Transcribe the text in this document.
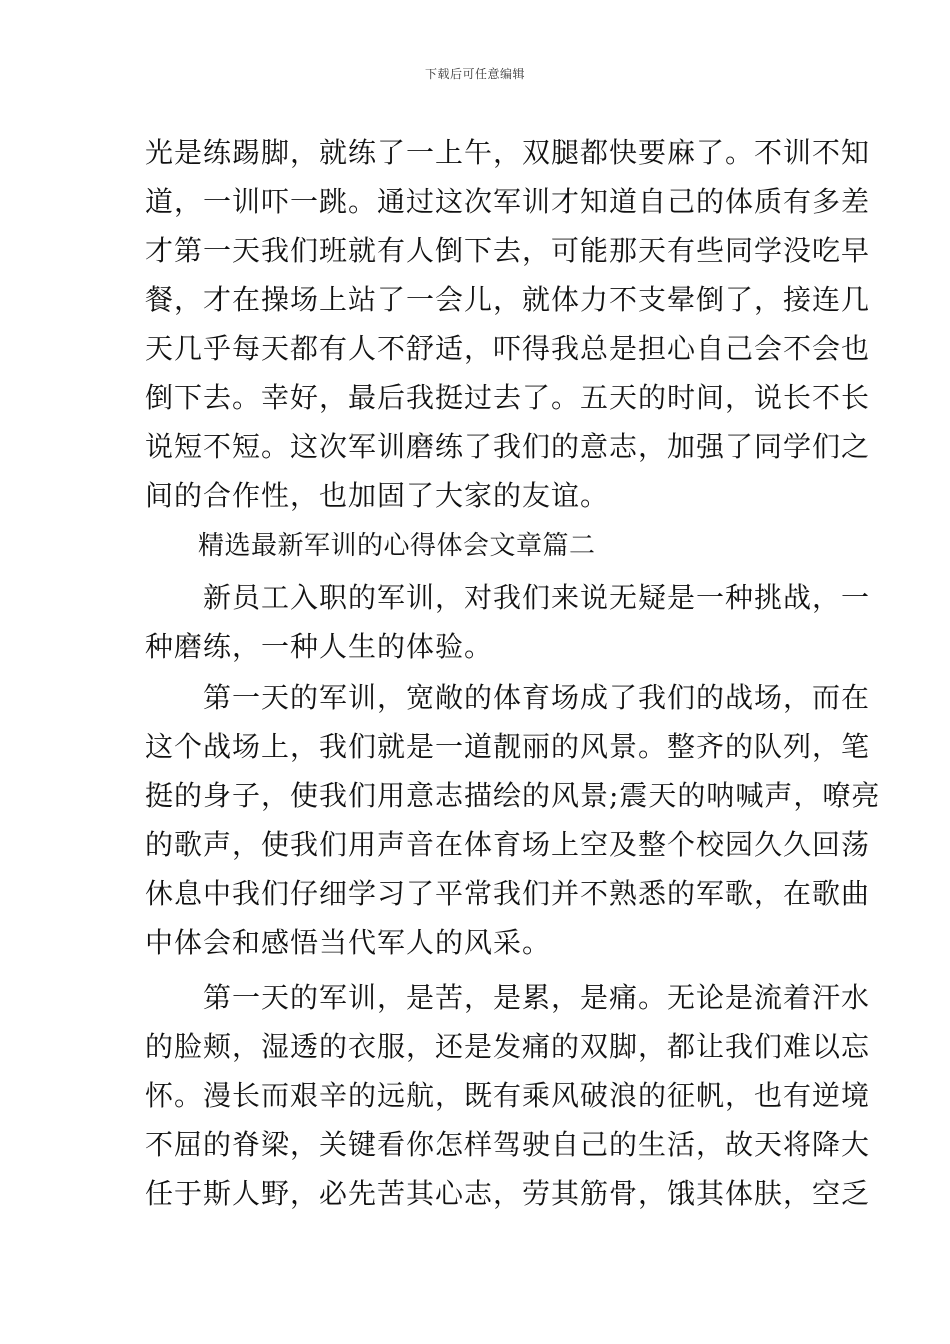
下载后可任意编辑
光是练踢脚，就练了一上午，双腿都快要麻了。不训不知
道，一训吓一跳。通过这次军训才知道自己的体质有多差
才第一天我们班就有人倒下去，可能那天有些同学没吃早
餐，才在操场上站了一会儿，就体力不支晕倒了，接连几
天几乎每天都有人不舒适，吓得我总是担心自己会不会也
倒下去。幸好，最后我挺过去了。五天的时间，说长不长
说短不短。这次军训磨练了我们的意志，加强了同学们之
间的合作性，也加固了大家的友谊。
　　精选最新军训的心得体会文章篇二
　　新员工入职的军训，对我们来说无疑是一种挑战，一
种磨练，一种人生的体验。
　　第一天的军训，宽敞的体育场成了我们的战场，而在
这个战场上，我们就是一道靓丽的风景。整齐的队列，笔
挺的身子，使我们用意志描绘的风景;震天的呐喊声，嘹亮
的歌声，使我们用声音在体育场上空及整个校园久久回荡
休息中我们仔细学习了平常我们并不熟悉的军歌，在歌曲
中体会和感悟当代军人的风采。
　　第一天的军训，是苦，是累，是痛。无论是流着汗水
的脸颊，湿透的衣服，还是发痛的双脚，都让我们难以忘
怀。漫长而艰辛的远航，既有乘风破浪的征帆，也有逆境
不屈的脊梁，关键看你怎样驾驶自己的生活，故天将降大
任于斯人野，必先苦其心志，劳其筋骨，饿其体肤，空乏
